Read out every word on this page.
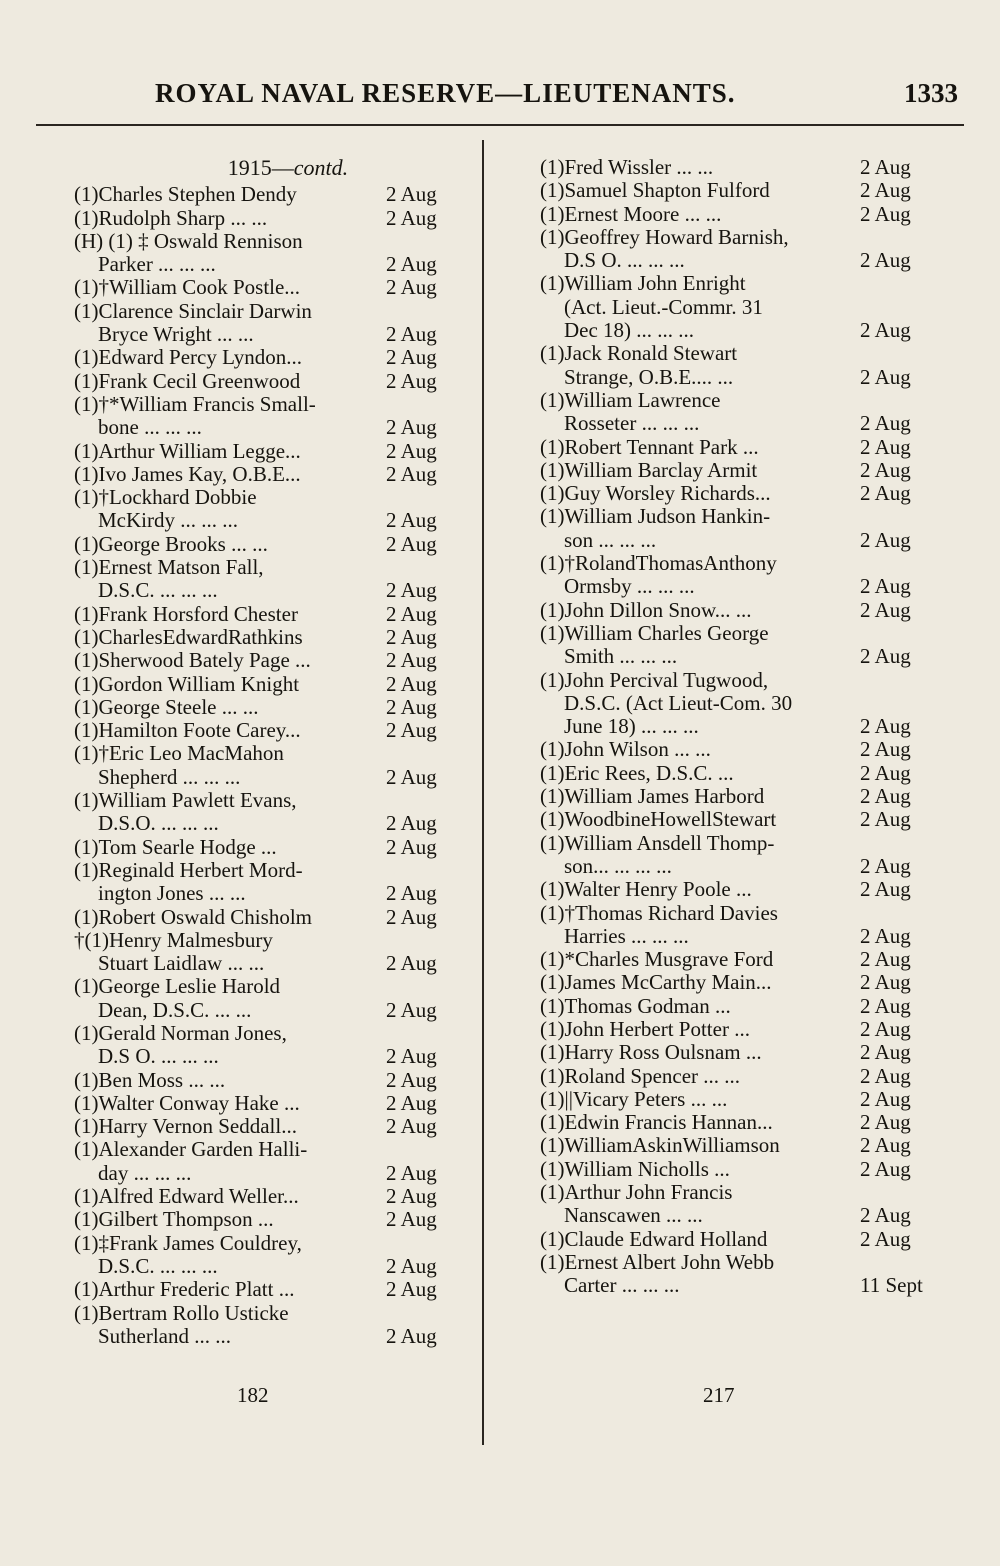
ROYAL NAVAL RESERVE—LIEUTENANTS.	1333
1915—contd.
(1)Charles Stephen Dendy	2 Aug
(1)Rudolph Sharp ... ...	2 Aug
(H) (1) ‡ Oswald Rennison
Parker ... ... ...	2 Aug
(1)†William Cook Postle...	2 Aug
(1)Clarence Sinclair Darwin
Bryce Wright ... ...	2 Aug
(1)Edward Percy Lyndon...	2 Aug
(1)Frank Cecil Greenwood	2 Aug
(1)†*William Francis Small-
bone ... ... ...	2 Aug
(1)Arthur William Legge...	2 Aug
(1)Ivo James Kay, O.B.E...	2 Aug
(1)†Lockhard Dobbie
McKirdy ... ... ...	2 Aug
(1)George Brooks ... ...	2 Aug
(1)Ernest Matson Fall,
D.S.C. ... ... ...	2 Aug
(1)Frank Horsford Chester	2 Aug
(1)CharlesEdwardRathkins	2 Aug
(1)Sherwood Bately Page ...	2 Aug
(1)Gordon William Knight	2 Aug
(1)George Steele ... ...	2 Aug
(1)Hamilton Foote Carey...	2 Aug
(1)†Eric Leo MacMahon
Shepherd ... ... ...	2 Aug
(1)William Pawlett Evans,
D.S.O. ... ... ...	2 Aug
(1)Tom Searle Hodge ...	2 Aug
(1)Reginald Herbert Mord-
ington Jones ... ...	2 Aug
(1)Robert Oswald Chisholm	2 Aug
†(1)Henry Malmesbury
Stuart Laidlaw ... ...	2 Aug
(1)George Leslie Harold
Dean, D.S.C. ... ...	2 Aug
(1)Gerald Norman Jones,
D.S O. ... ... ...	2 Aug
(1)Ben Moss ... ...	2 Aug
(1)Walter Conway Hake ...	2 Aug
(1)Harry Vernon Seddall...	2 Aug
(1)Alexander Garden Halli-
day ... ... ...	2 Aug
(1)Alfred Edward Weller...	2 Aug
(1)Gilbert Thompson ...	2 Aug
(1)‡Frank James Couldrey,
D.S.C. ... ... ...	2 Aug
(1)Arthur Frederic Platt ...	2 Aug
(1)Bertram Rollo Usticke
Sutherland ... ...	2 Aug
(1)Fred Wissler ... ...	2 Aug
(1)Samuel Shapton Fulford	2 Aug
(1)Ernest Moore ... ...	2 Aug
(1)Geoffrey Howard Barnish,
D.S O. ... ... ...	2 Aug
(1)William John Enright
(Act. Lieut.-Commr. 31
Dec 18) ... ... ...	2 Aug
(1)Jack Ronald Stewart
Strange, O.B.E.... ...	2 Aug
(1)William Lawrence
Rosseter ... ... ...	2 Aug
(1)Robert Tennant Park ...	2 Aug
(1)William Barclay Armit	2 Aug
(1)Guy Worsley Richards...	2 Aug
(1)William Judson Hankin-
son ... ... ...	2 Aug
(1)†RolandThomasAnthony
Ormsby ... ... ...	2 Aug
(1)John Dillon Snow... ...	2 Aug
(1)William Charles George
Smith ... ... ...	2 Aug
(1)John Percival Tugwood,
D.S.C. (Act Lieut-Com. 30
June 18) ... ... ...	2 Aug
(1)John Wilson ... ...	2 Aug
(1)Eric Rees, D.S.C. ...	2 Aug
(1)William James Harbord	2 Aug
(1)WoodbineHowellStewart	2 Aug
(1)William Ansdell Thomp-
son... ... ... ...	2 Aug
(1)Walter Henry Poole ...	2 Aug
(1)†Thomas Richard Davies
Harries ... ... ...	2 Aug
(1)*Charles Musgrave Ford	2 Aug
(1)James McCarthy Main...	2 Aug
(1)Thomas Godman ...	2 Aug
(1)John Herbert Potter ...	2 Aug
(1)Harry Ross Oulsnam ...	2 Aug
(1)Roland Spencer ... ...	2 Aug
(1)||Vicary Peters ... ...	2 Aug
(1)Edwin Francis Hannan...	2 Aug
(1)WilliamAskinWilliamson	2 Aug
(1)William Nicholls ...	2 Aug
(1)Arthur John Francis
Nanscawen ... ...	2 Aug
(1)Claude Edward Holland	2 Aug
(1)Ernest Albert John Webb
Carter ... ... ...	11 Sept
182	217
